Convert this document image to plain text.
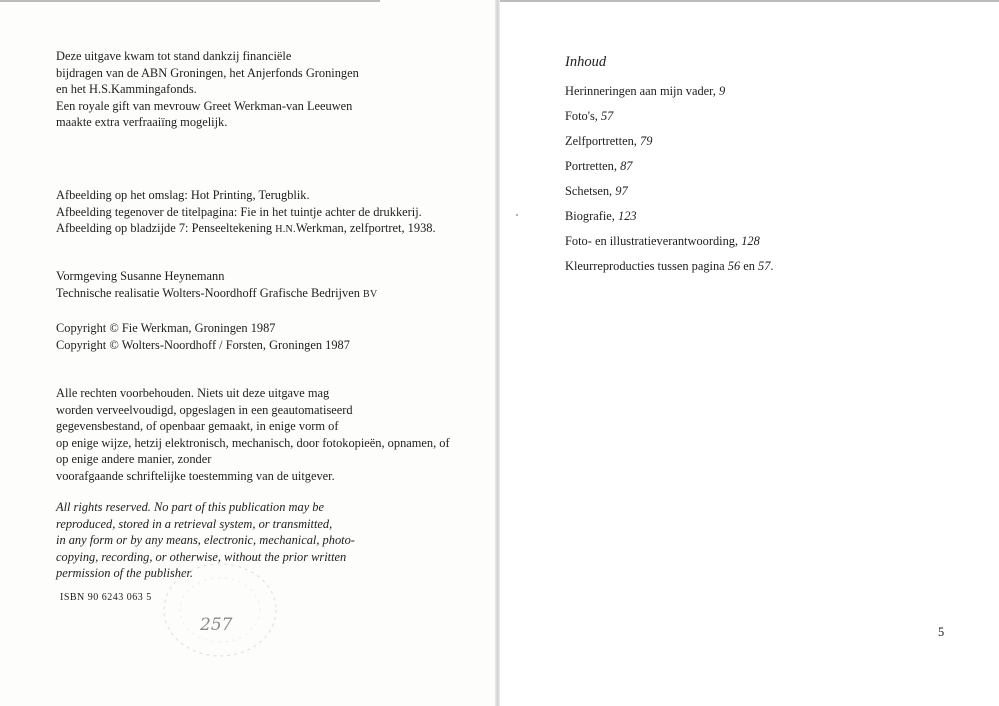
Deze uitgave kwam tot stand dankzij financiële
bijdragen van de ABN Groningen, het Anjerfonds Groningen
en het H.S.Kammingafonds.
Een royale gift van mevrouw Greet Werkman-van Leeuwen
maakte extra verfraaiïng mogelijk.
Afbeelding op het omslag: Hot Printing, Terugblik.
Afbeelding tegenover de titelpagina: Fie in het tuintje achter de drukkerij.
Afbeelding op bladzijde 7: Penseeltekening H.N.Werkman, zelfportret, 1938.
Vormgeving Susanne Heynemann
Technische realisatie Wolters-Noordhoff Grafische Bedrijven BV
Copyright © Fie Werkman, Groningen 1987
Copyright © Wolters-Noordhoff / Forsten, Groningen 1987
Alle rechten voorbehouden. Niets uit deze uitgave mag
worden verveelvoudigd, opgeslagen in een geautomatiseerd
gegevensbestand, of openbaar gemaakt, in enige vorm of
op enige wijze, hetzij elektronisch, mechanisch, door fotokopieën, opnamen, of
op enige andere manier, zonder
voorafgaande schriftelijke toestemming van de uitgever.
All rights reserved. No part of this publication may be
reproduced, stored in a retrieval system, or transmitted,
in any form or by any means, electronic, mechanical, photo-
copying, recording, or otherwise, without the prior written
permission of the publisher.
ISBN 90 6243 063 5
257
Inhoud
Herinneringen aan mijn vader, 9
Foto's, 57
Zelfportretten, 79
Portretten, 87
Schetsen, 97
Biografie, 123
Foto- en illustratieverantwoording, 128
Kleurreproducties tussen pagina 56 en 57.
5
